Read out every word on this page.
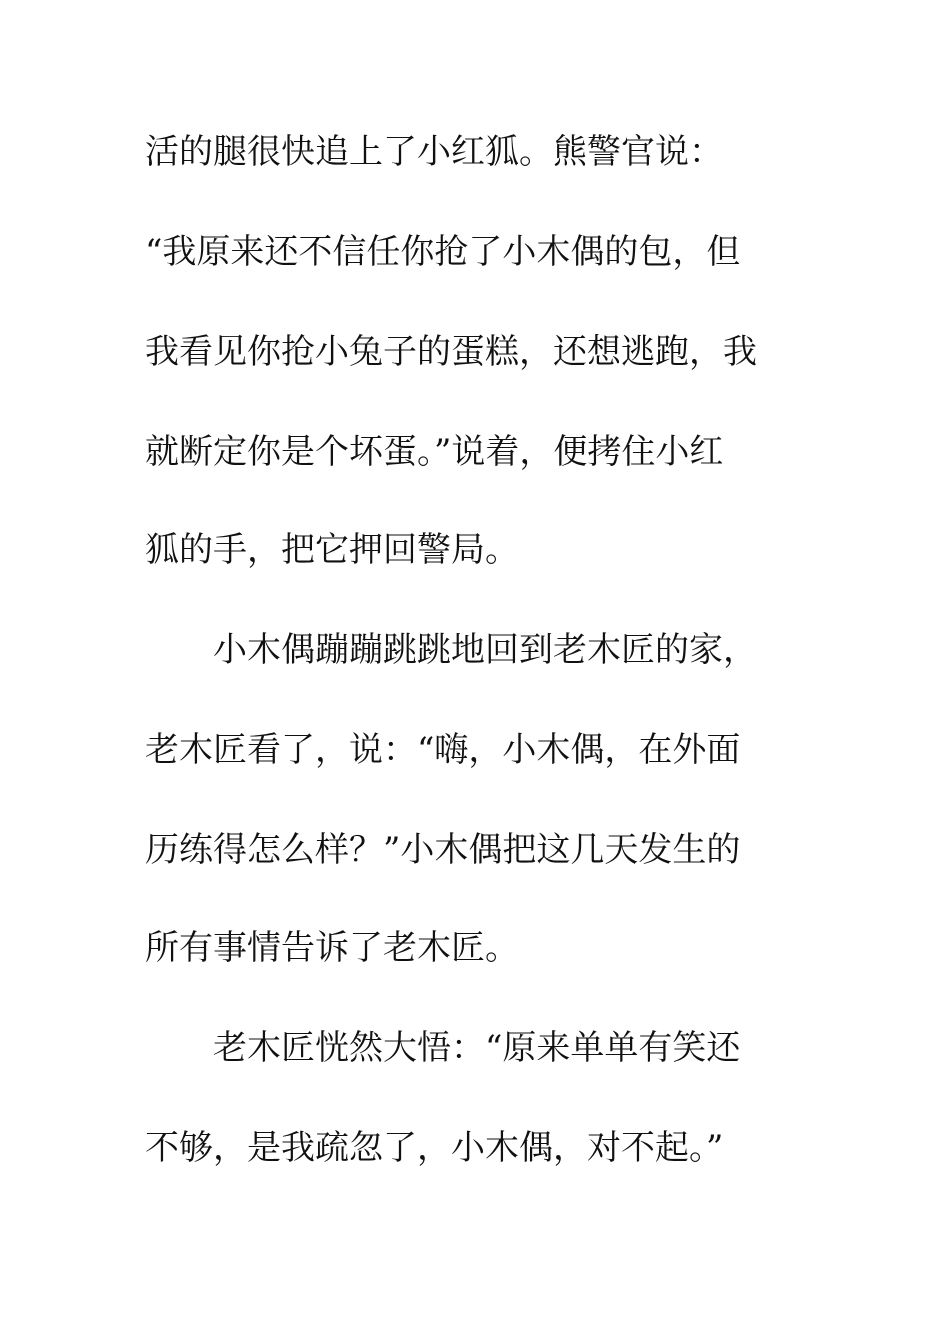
活的腿很快追上了小红狐。熊警官说：
“我原来还不信任你抢了小木偶的包，但
我看见你抢小兔子的蛋糕，还想逃跑，我
就断定你是个坏蛋。”说着，便拷住小红
狐的手，把它押回警局。
小木偶蹦蹦跳跳地回到老木匠的家，
老木匠看了，说：“嗨，小木偶，在外面
历练得怎么样？”小木偶把这几天发生的
所有事情告诉了老木匠。
老木匠恍然大悟：“原来单单有笑还
不够，是我疏忽了，小木偶，对不起。”
